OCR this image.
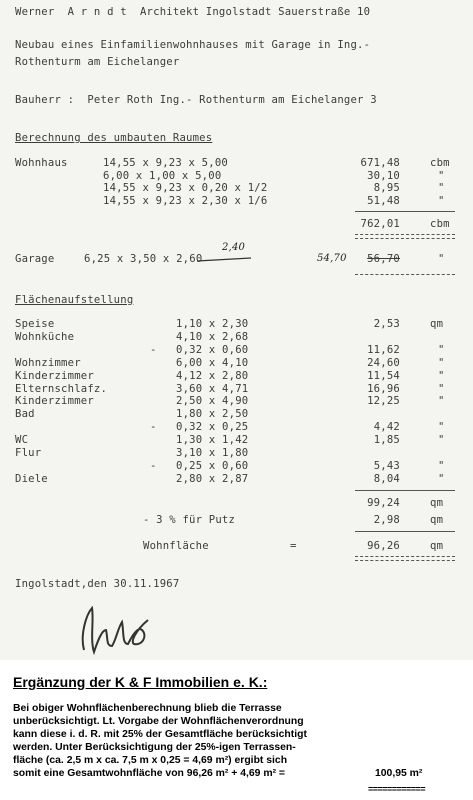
Werner  A r n d t  Architekt Ingolstadt Sauerstraße 10
Neubau eines Einfamilienwohnhauses mit Garage in Ing.-
Rothenturm am Eichelanger
Bauherr :  Peter Roth Ing.- Rothenturm am Eichelanger 3
Berechnung des umbauten Raumes
Wohnhaus	14,55 x 9,23 x 5,00	671,48	cbm
6,00 x 1,00 x 5,00	30,10	"
14,55 x 9,23 x 0,20 x 1/2	8,95	"
14,55 x 9,23 x 2,30 x 1/6	51,48	"
762,01	cbm
Garage	6,25 x 3,50 x 2,60
2,40
54,70	56,70	"
Flächenaufstellung
Speise	1,10 x 2,30	2,53	qm
Wohnküche	4,10 x 2,68
- 0,32 x 0,60	11,62	"
Wohnzimmer	6,00 x 4,10	24,60	"
Kinderzimmer	4,12 x 2,80	11,54	"
Elternschlafz.	3,60 x 4,71	16,96	"
Kinderzimmer	2,50 x 4,90	12,25	"
Bad	1,80 x 2,50
- 0,32 x 0,25	4,42	"
WC	1,30 x 1,42	1,85	"
Flur	3,10 x 1,80
- 0,25 x 0,60	5,43	"
Diele	2,80 x 2,87	8,04	"
99,24	qm
- 3 % für Putz	2,98	qm
Wohnfläche	=	96,26	qm
Ingolstadt,den 30.11.1967
Ergänzung der K & F Immobilien e. K.:
Bei obiger Wohnflächenberechnung blieb die Terrasse
unberücksichtigt. Lt. Vorgabe der Wohnflächenverordnung
kann diese i. d. R. mit 25% der Gesamtfläche berücksichtigt
werden. Unter Berücksichtigung der 25%-igen Terrassen-
fläche (ca. 2,5 m x ca. 7,5 m x 0,25 = 4,69 m²) ergibt sich
somit eine Gesamtwohnfläche von 96,26 m² + 4,69 m² =	100,95 m²
============
